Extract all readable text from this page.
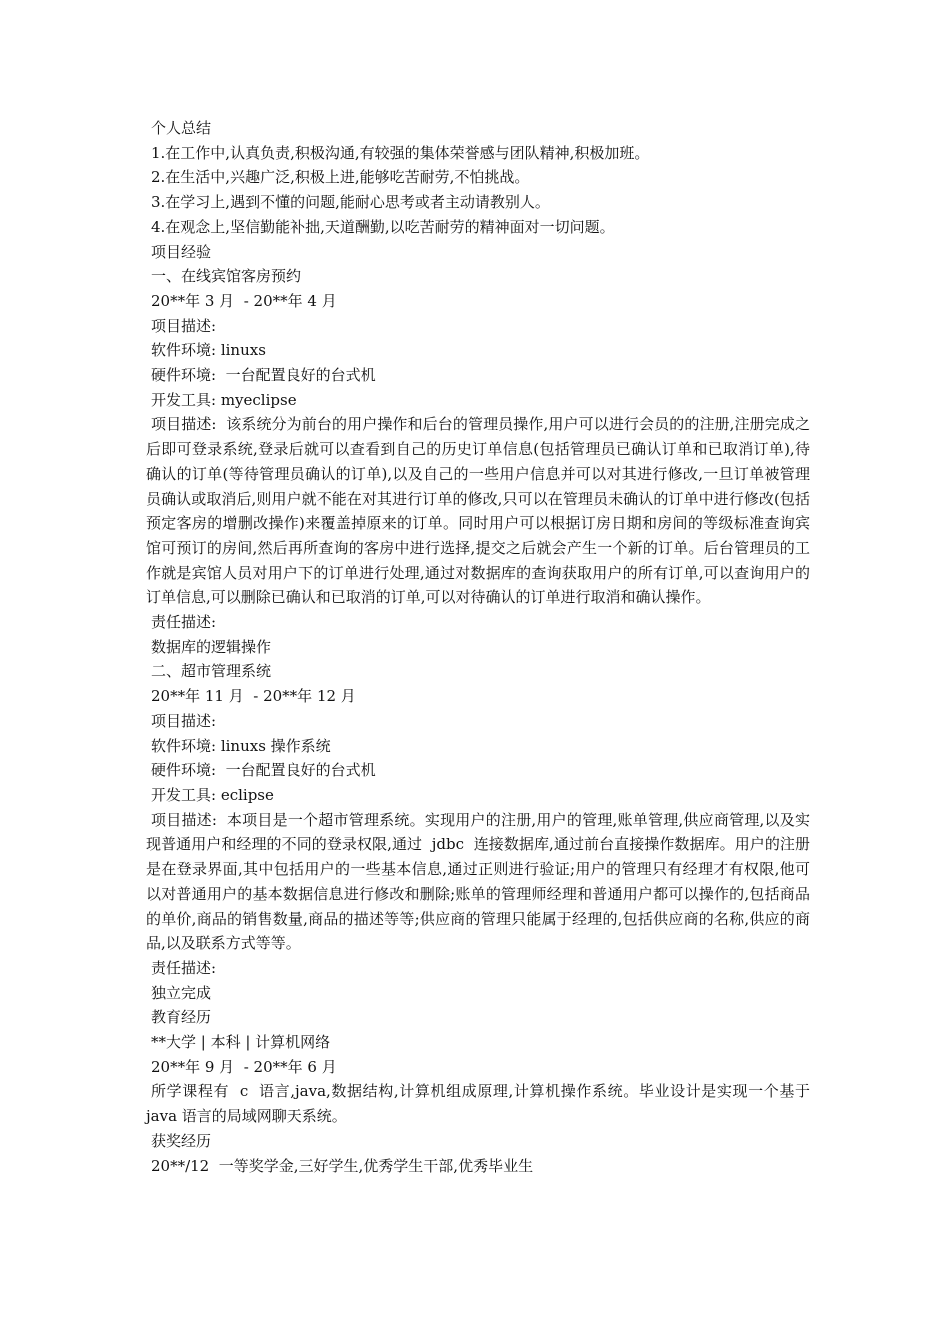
个人总结

1.在工作中,认真负责,积极沟通,有较强的集体荣誉感与团队精神,积极加班。

2.在生活中,兴趣广泛,积极上进,能够吃苦耐劳,不怕挑战。

3.在学习上,遇到不懂的问题,能耐心思考或者主动请教别人。

4.在观念上,坚信勤能补拙,天道酬勤,以吃苦耐劳的精神面对一切问题。

项目经验

一、在线宾馆客房预约

20**年 3 月  - 20**年 4 月

项目描述:

软件环境: linuxs

硬件环境:  一台配置良好的台式机

开发工具: myeclipse

项目描述:  该系统分为前台的用户操作和后台的管理员操作,用户可以进行会员的的注册,注册完成之后即可登录系统,登录后就可以查看到自己的历史订单信息(包括管理员已确认订单和已取消订单),待确认的订单(等待管理员确认的订单),以及自己的一些用户信息并可以对其进行修改,一旦订单被管理员确认或取消后,则用户就不能在对其进行订单的修改,只可以在管理员未确认的订单中进行修改(包括预定客房的增删改操作)来覆盖掉原来的订单。同时用户可以根据订房日期和房间的等级标准查询宾馆可预订的房间,然后再所查询的客房中进行选择,提交之后就会产生一个新的订单。后台管理员的工作就是宾馆人员对用户下的订单进行处理,通过对数据库的查询获取用户的所有订单,可以查询用户的订单信息,可以删除已确认和已取消的订单,可以对待确认的订单进行取消和确认操作。

责任描述:

数据库的逻辑操作

二、超市管理系统

20**年 11 月  - 20**年 12 月

项目描述:

软件环境: linuxs 操作系统

硬件环境:  一台配置良好的台式机

开发工具: eclipse

项目描述:  本项目是一个超市管理系统。实现用户的注册,用户的管理,账单管理,供应商管理,以及实现普通用户和经理的不同的登录权限,通过  jdbc  连接数据库,通过前台直接操作数据库。用户的注册是在登录界面,其中包括用户的一些基本信息,通过正则进行验证;用户的管理只有经理才有权限,他可以对普通用户的基本数据信息进行修改和删除;账单的管理师经理和普通用户都可以操作的,包括商品的单价,商品的销售数量,商品的描述等等;供应商的管理只能属于经理的,包括供应商的名称,供应的商品,以及联系方式等等。

责任描述:

独立完成

教育经历

**大学 | 本科 | 计算机网络

20**年 9 月  - 20**年 6 月

所学课程有  c  语言,java,数据结构,计算机组成原理,计算机操作系统。毕业设计是实现一个基于 java 语言的局域网聊天系统。

获奖经历

20**/12  一等奖学金,三好学生,优秀学生干部,优秀毕业生
